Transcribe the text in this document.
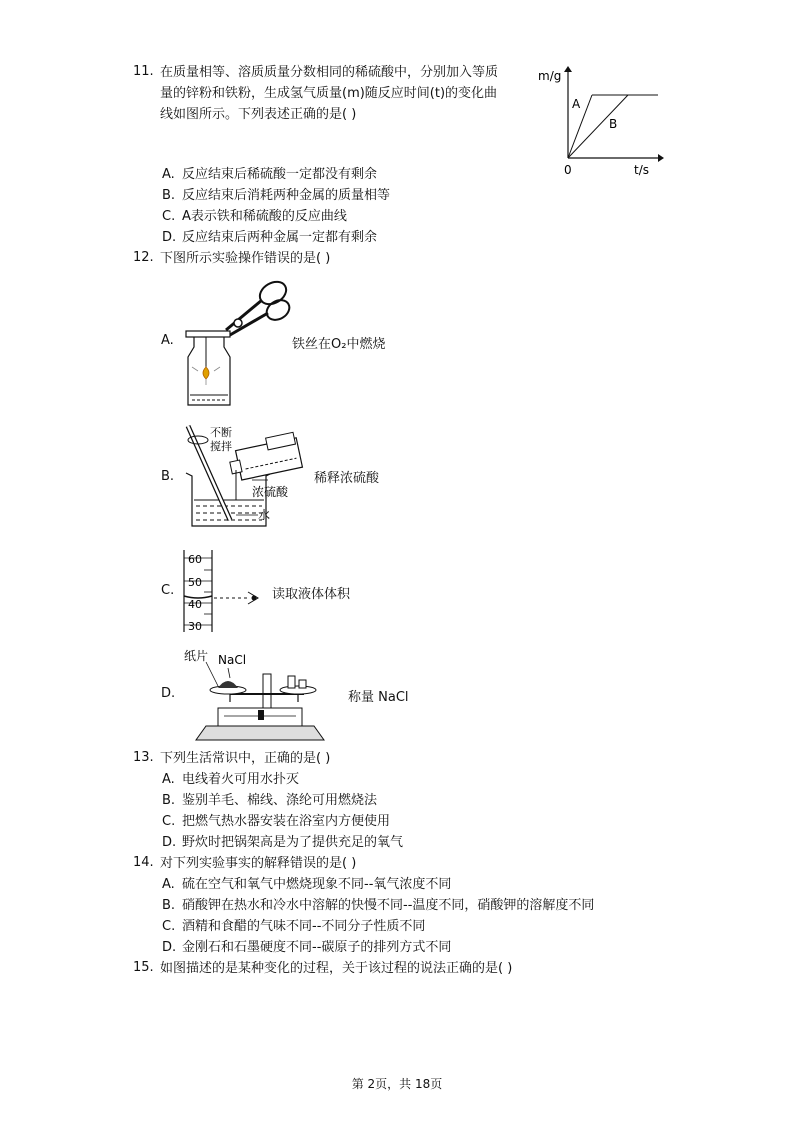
11. 在质量相等、溶质质量分数相同的稀硫酸中，分别加入等质
量的锌粉和铁粉，生成氢气质量(m)随反应时间(t)的变化曲
线如图所示。下列表述正确的是( )
m/g
t/s
0
A
B
A. 反应结束后稀硫酸一定都没有剩余
B. 反应结束后消耗两种金属的质量相等
C. A表示铁和稀硫酸的反应曲线
D. 反应结束后两种金属一定都有剩余
12. 下图所示实验操作错误的是( )
A.	铁丝在O₂中燃烧
B.
不断
搅拌
浓硫酸
水
稀释浓硫酸
C.
60
50
40
30
读取液体体积
D.
纸片 NaCl
称量 NaCl
13. 下列生活常识中，正确的是( )
A. 电线着火可用水扑灭
B. 鉴别羊毛、棉线、涤纶可用燃烧法
C. 把燃气热水器安装在浴室内方便使用
D. 野炊时把锅架高是为了提供充足的氧气
14. 对下列实验事实的解释错误的是( )
A. 硫在空气和氧气中燃烧现象不同--氧气浓度不同
B. 硝酸钾在热水和冷水中溶解的快慢不同--温度不同，硝酸钾的溶解度不同
C. 酒精和食醋的气味不同--不同分子性质不同
D. 金刚石和石墨硬度不同--碳原子的排列方式不同
15. 如图描述的是某种变化的过程，关于该过程的说法正确的是( )
第 2页，共 18页
